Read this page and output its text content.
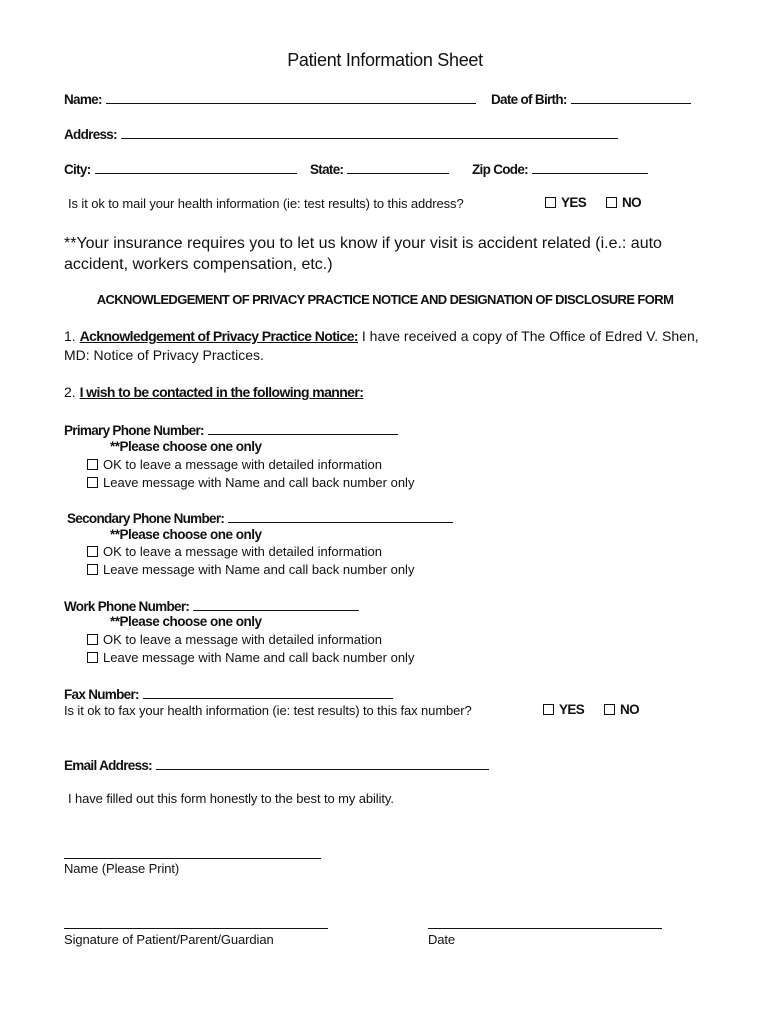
Patient Information Sheet
Name:	Date of Birth:
Address:
City:	State:	Zip Code:
Is it ok to mail your health information (ie: test results) to this address?	YES	NO
**Your insurance requires you to let us know if your visit is accident related (i.e.: auto accident, workers compensation, etc.)
ACKNOWLEDGEMENT OF PRIVACY PRACTICE NOTICE AND DESIGNATION OF DISCLOSURE FORM
1. Acknowledgement of Privacy Practice Notice: I have received a copy of The Office of Edred V. Shen, MD: Notice of Privacy Practices.
2. I wish to be contacted in the following manner:
Primary Phone Number:
**Please choose one only
OK to leave a message with detailed information
Leave message with Name and call back number only
Secondary Phone Number:
**Please choose one only
OK to leave a message with detailed information
Leave message with Name and call back number only
Work Phone Number:
**Please choose one only
OK to leave a message with detailed information
Leave message with Name and call back number only
Fax Number:
Is it ok to fax your health information (ie: test results) to this fax number?	YES	NO
Email Address:
I have filled out this form honestly to the best to my ability.
Name (Please Print)
Signature of Patient/Parent/Guardian	Date
